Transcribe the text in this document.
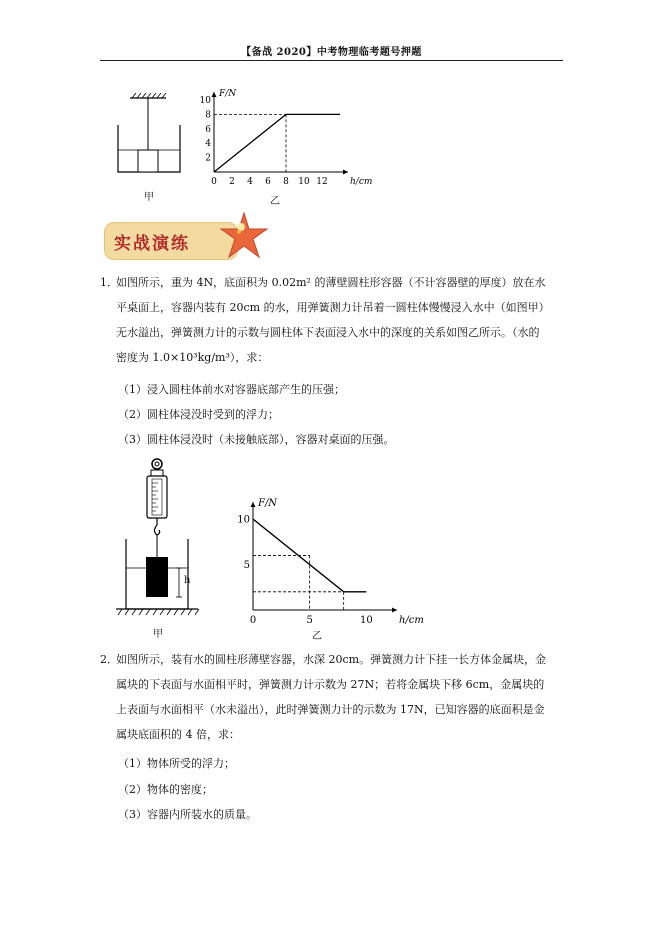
【备战 2020】中考物理临考题号押题
甲
F/N
h/cm
0 2 4 6 8 10 12
2
4
6
8
10
乙
实战演练
1．如图所示，重为 4N，底面积为 0.02m² 的薄壁圆柱形容器（不计容器壁的厚度）放在水
平桌面上，容器内装有 20cm 的水，用弹簧测力计吊着一圆柱体慢慢浸入水中（如图甲）
无水溢出，弹簧测力计的示数与圆柱体下表面浸入水中的深度的关系如图乙所示。（水的
密度为 1.0×10³kg/m³），求：
（1）浸入圆柱体前水对容器底部产生的压强；
（2）圆柱体浸没时受到的浮力；
（3）圆柱体浸没时（未接触底部），容器对桌面的压强。
h
甲
F/N
h/cm
0	5	10
5
10
乙
2．如图所示，装有水的圆柱形薄壁容器，水深 20cm。弹簧测力计下挂一长方体金属块，金
属块的下表面与水面相平时，弹簧测力计示数为 27N；若将金属块下移 6cm，金属块的
上表面与水面相平（水未溢出），此时弹簧测力计的示数为 17N，已知容器的底面积是金
属块底面积的 4 倍，求：
（1）物体所受的浮力；
（2）物体的密度；
（3）容器内所装水的质量。
